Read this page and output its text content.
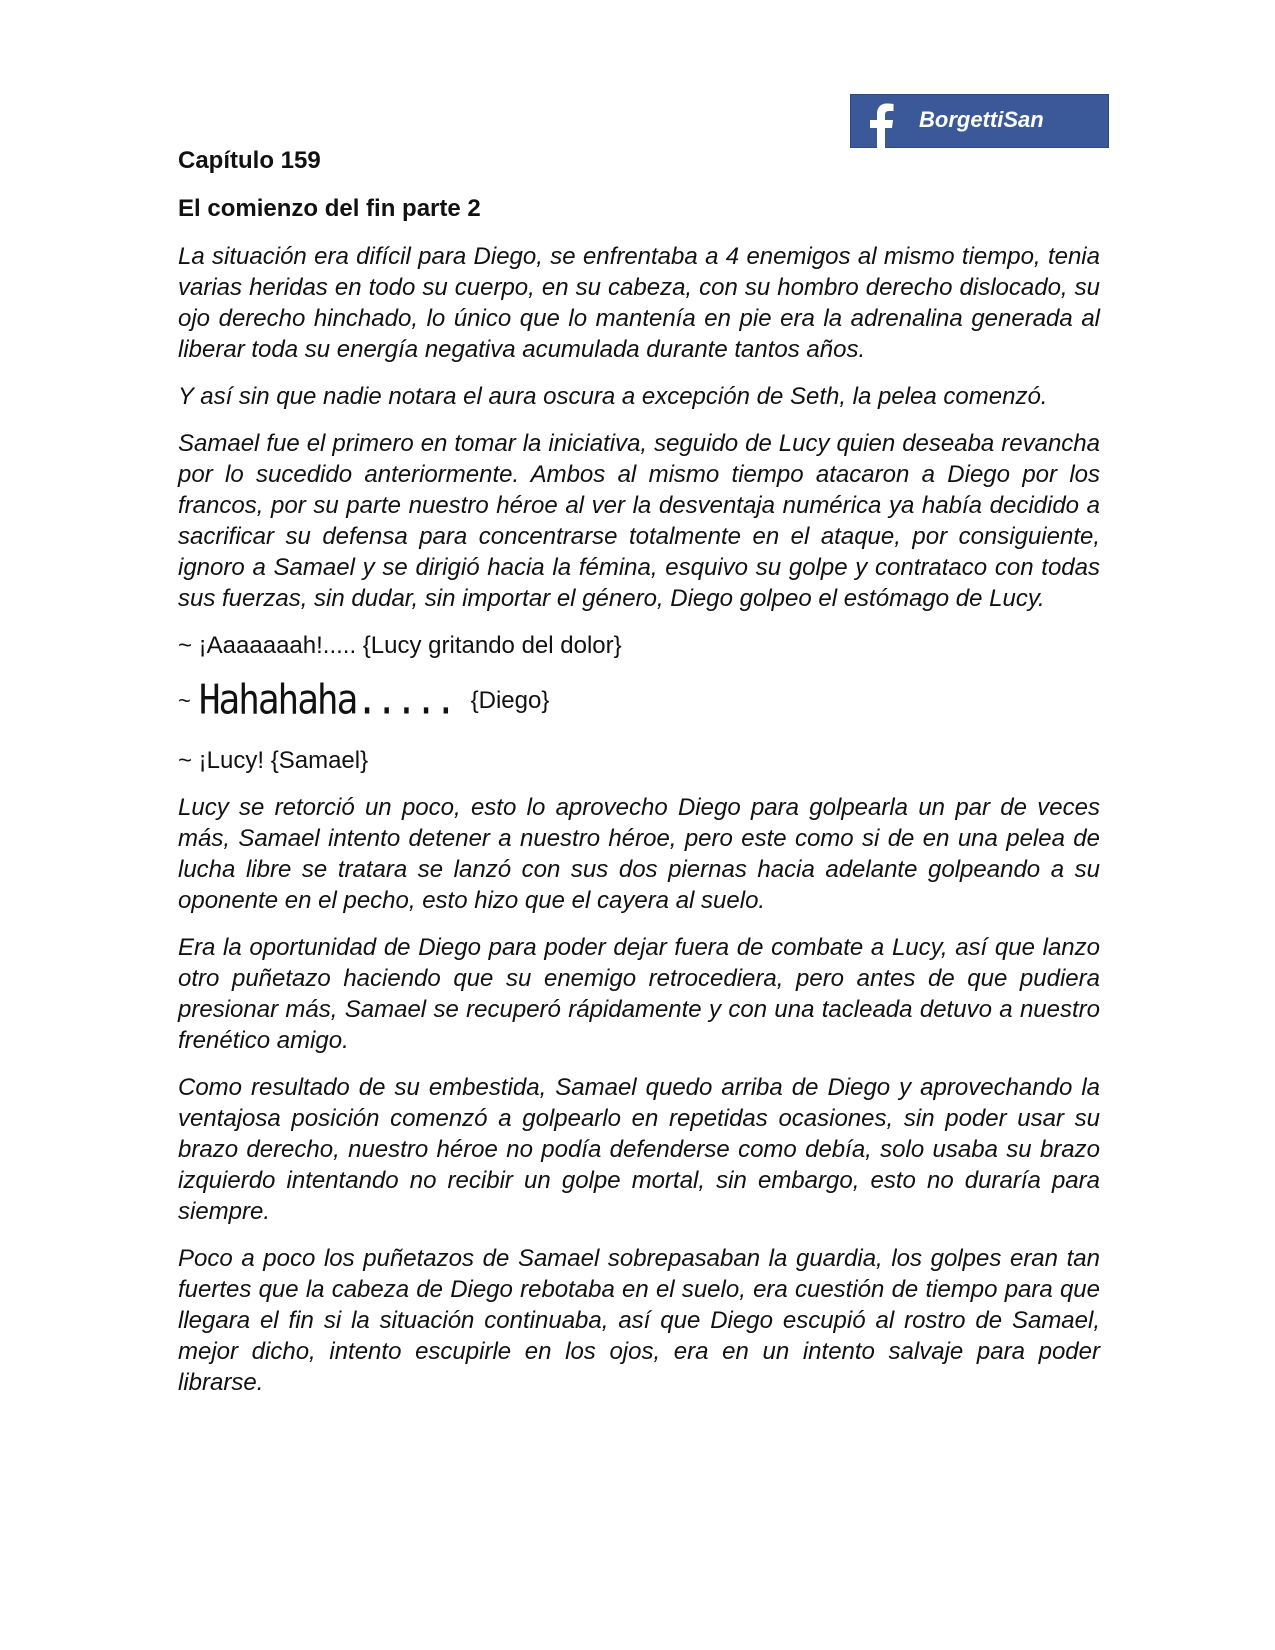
BorgettiSan
Capítulo 159
El comienzo del fin parte 2

La situación era difícil para Diego, se enfrentaba a 4 enemigos al mismo tiempo, tenia varias heridas en todo su cuerpo, en su cabeza, con su hombro derecho dislocado, su ojo derecho hinchado, lo único que lo mantenía en pie era la adrenalina generada al liberar toda su energía negativa acumulada durante tantos años.

Y así sin que nadie notara el aura oscura a excepción de Seth, la pelea comenzó.

Samael fue el primero en tomar la iniciativa, seguido de Lucy quien deseaba revancha por lo sucedido anteriormente. Ambos al mismo tiempo atacaron a Diego por los francos, por su parte nuestro héroe al ver la desventaja numérica ya había decidido a sacrificar su defensa para concentrarse totalmente en el ataque, por consiguiente, ignoro a Samael y se dirigió hacia la fémina, esquivo su golpe y contrataco con todas sus fuerzas, sin dudar, sin importar el género, Diego golpeo el estómago de Lucy.

~ ¡Aaaaaaah!..... {Lucy gritando del dolor}

~ Hahahaha..... {Diego}

~ ¡Lucy! {Samael}

Lucy se retorció un poco, esto lo aprovecho Diego para golpearla un par de veces más, Samael intento detener a nuestro héroe, pero este como si de en una pelea de lucha libre se tratara se lanzó con sus dos piernas hacia adelante golpeando a su oponente en el pecho, esto hizo que el cayera al suelo.

Era la oportunidad de Diego para poder dejar fuera de combate a Lucy, así que lanzo otro puñetazo haciendo que su enemigo retrocediera, pero antes de que pudiera presionar más, Samael se recuperó rápidamente y con una tacleada detuvo a nuestro frenético amigo.

Como resultado de su embestida, Samael quedo arriba de Diego y aprovechando la ventajosa posición comenzó a golpearlo en repetidas ocasiones, sin poder usar su brazo derecho, nuestro héroe no podía defenderse como debía, solo usaba su brazo izquierdo intentando no recibir un golpe mortal, sin embargo, esto no duraría para siempre.

Poco a poco los puñetazos de Samael sobrepasaban la guardia, los golpes eran tan fuertes que la cabeza de Diego rebotaba en el suelo, era cuestión de tiempo para que llegara el fin si la situación continuaba, así que Diego escupió al rostro de Samael, mejor dicho, intento escupirle en los ojos, era en un intento salvaje para poder librarse.
